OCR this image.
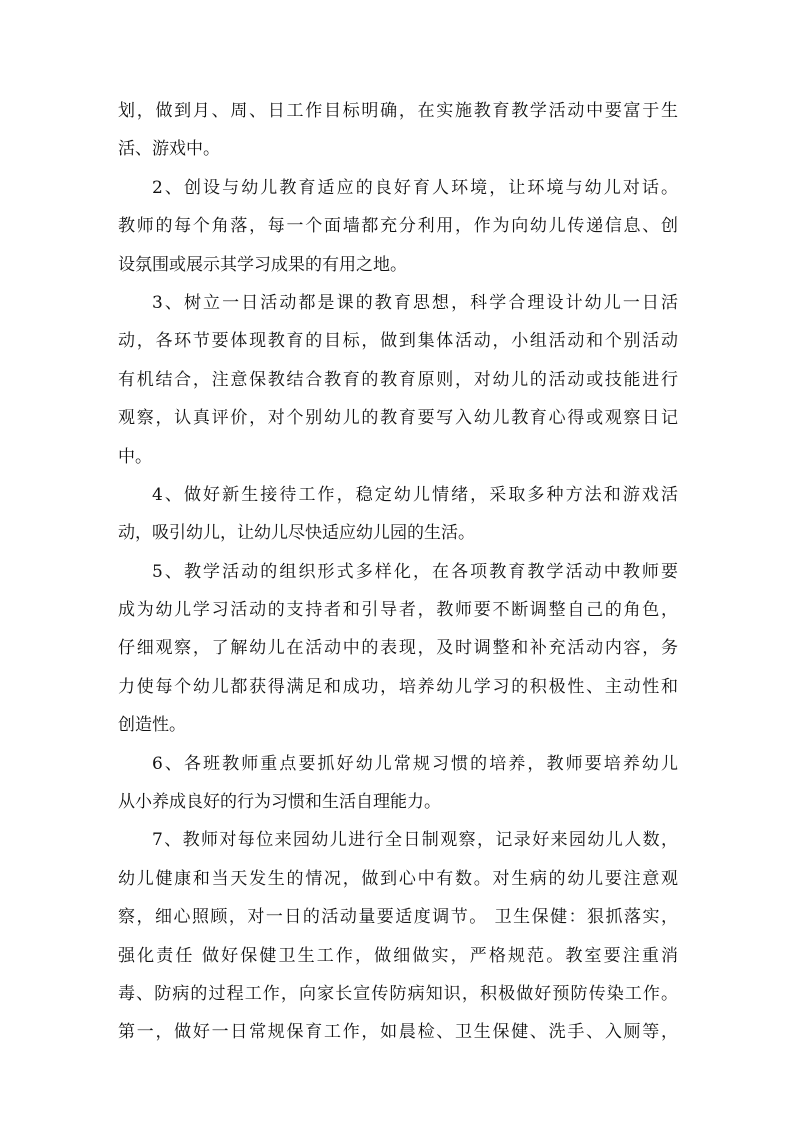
划，做到月、周、日工作目标明确，在实施教育教学活动中要富于生
活、游戏中。
2、创设与幼儿教育适应的良好育人环境，让环境与幼儿对话。
教师的每个角落，每一个面墙都充分利用，作为向幼儿传递信息、创
设氛围或展示其学习成果的有用之地。
3、树立一日活动都是课的教育思想，科学合理设计幼儿一日活
动，各环节要体现教育的目标，做到集体活动，小组活动和个别活动
有机结合，注意保教结合教育的教育原则，对幼儿的活动或技能进行
观察，认真评价，对个别幼儿的教育要写入幼儿教育心得或观察日记
中。
4、做好新生接待工作，稳定幼儿情绪，采取多种方法和游戏活
动，吸引幼儿，让幼儿尽快适应幼儿园的生活。
5、教学活动的组织形式多样化，在各项教育教学活动中教师要
成为幼儿学习活动的支持者和引导者，教师要不断调整自己的角色，
仔细观察，了解幼儿在活动中的表现，及时调整和补充活动内容，务
力使每个幼儿都获得满足和成功，培养幼儿学习的积极性、主动性和
创造性。
6、各班教师重点要抓好幼儿常规习惯的培养，教师要培养幼儿
从小养成良好的行为习惯和生活自理能力。
7、教师对每位来园幼儿进行全日制观察，记录好来园幼儿人数，
幼儿健康和当天发生的情况，做到心中有数。对生病的幼儿要注意观
察，细心照顾，对一日的活动量要适度调节。 卫生保健：狠抓落实，
强化责任 做好保健卫生工作，做细做实，严格规范。教室要注重消
毒、防病的过程工作，向家长宣传防病知识，积极做好预防传染工作。
第一，做好一日常规保育工作，如晨检、卫生保健、洗手、入厕等，
